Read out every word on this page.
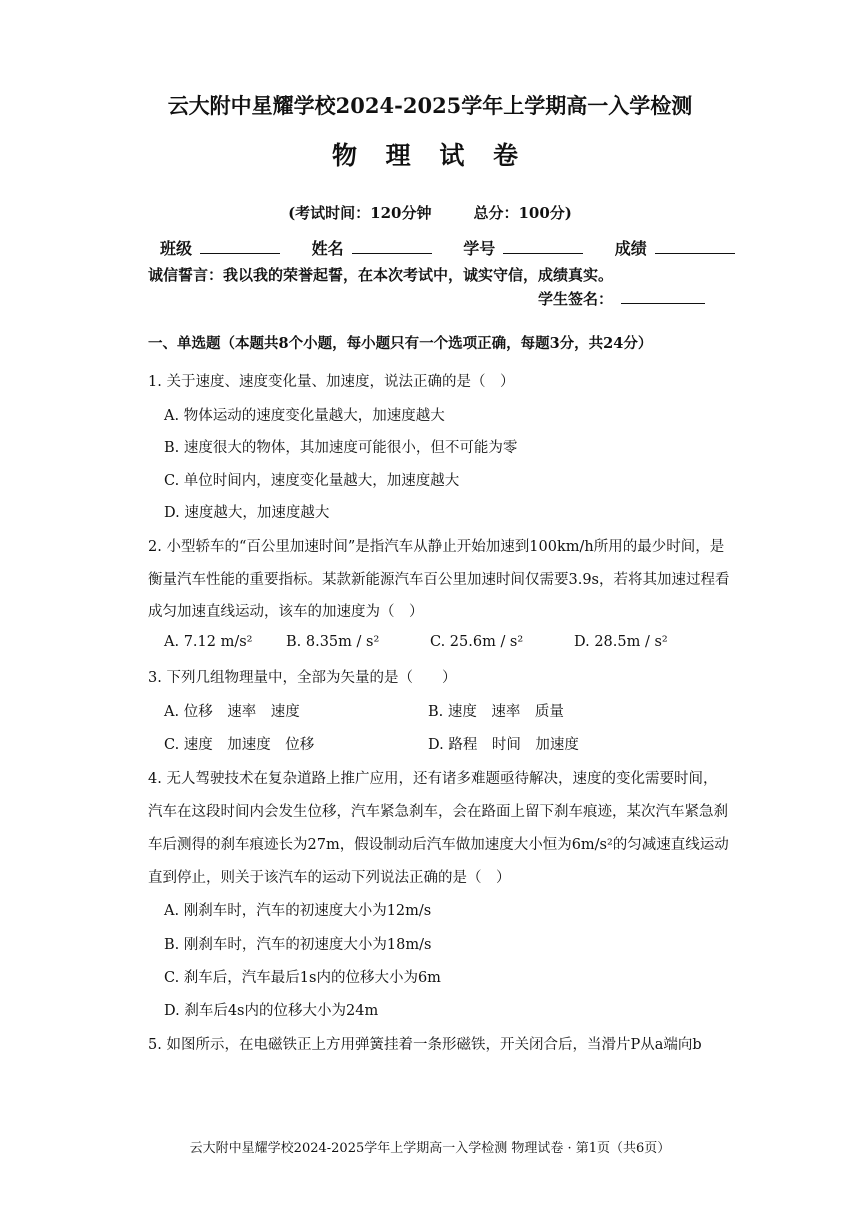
云大附中星耀学校2024-2025学年上学期高一入学检测
物 理 试 卷
(考试时间：120分钟	总分：100分)
班级	姓名	学号	成绩
诚信誓言：我以我的荣誉起誓，在本次考试中，诚实守信，成绩真实。
学生签名：
一、单选题（本题共8个小题，每小题只有一个选项正确，每题3分，共24分）
1. 关于速度、速度变化量、加速度，说法正确的是（　）
A. 物体运动的速度变化量越大，加速度越大
B. 速度很大的物体，其加速度可能很小，但不可能为零
C. 单位时间内，速度变化量越大，加速度越大
D. 速度越大，加速度越大
2. 小型轿车的“百公里加速时间”是指汽车从静止开始加速到100km/h所用的最少时间，是
衡量汽车性能的重要指标。某款新能源汽车百公里加速时间仅需要3.9s，若将其加速过程看
成匀加速直线运动，该车的加速度为（　）
A. 7.12 m/s² B. 8.35m / s²	C. 25.6m / s²	D. 28.5m / s²
3. 下列几组物理量中，全部为矢量的是（　　）
A. 位移　速率　速度	B. 速度　速率　质量
C. 速度　加速度　位移	D. 路程　时间　加速度
4. 无人驾驶技术在复杂道路上推广应用，还有诸多难题亟待解决，速度的变化需要时间，
汽车在这段时间内会发生位移，汽车紧急刹车，会在路面上留下刹车痕迹，某次汽车紧急刹
车后测得的刹车痕迹长为27m，假设制动后汽车做加速度大小恒为6m/s²的匀减速直线运动
直到停止，则关于该汽车的运动下列说法正确的是（　）
A. 刚刹车时，汽车的初速度大小为12m/s
B. 刚刹车时，汽车的初速度大小为18m/s
C. 刹车后，汽车最后1s内的位移大小为6m
D. 刹车后4s内的位移大小为24m
5. 如图所示，在电磁铁正上方用弹簧挂着一条形磁铁，开关闭合后，当滑片P从a端向b
云大附中星耀学校2024-2025学年上学期高一入学检测 物理试卷 · 第1页（共6页）
